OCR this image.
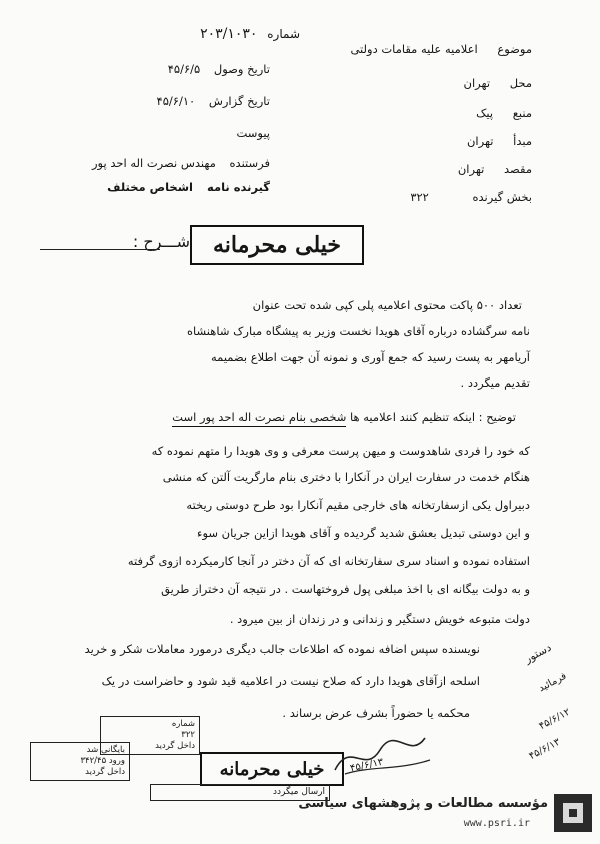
شماره ۲۰۳/۱۰۳۰
تاریخ وصول ۴۵/۶/۵
تاریخ گزارش ۴۵/۶/۱۰
پیوست
فرستنده مهندس نصرت اله احد پور
گیرنده نامه اشخاص مختلف
موضوع اعلامیه علیه مقامات دولتی
محل تهران
منبع پیک
مبدأ تهران
مقصد تهران
بخش گیرنده ۳۲۲
شـــرح :	خیلی محرمانه
تعداد ۵۰۰ پاکت محتوی اعلامیه پلی کپی شده تحت عنوان
نامه سرگشاده درباره آقای هویدا نخست وزیر به پیشگاه مبارک شاهنشاه
آریامهر به پست رسید که جمع آوری و نمونه آن جهت اطلاع بضمیمه
تقدیم میگردد .
توضیح : اینکه تنظیم کنند اعلامیه ها شخصی بنام نصرت اله احد پور است
که خود را فردی شاهدوست و میهن پرست معرفی و وی هویدا را متهم نموده که
هنگام خدمت در سفارت ایران در آنکارا با دختری بنام مارگریت آلتن که منشی
دبیراول یکی ازسفارتخانه های خارجی مقیم آنکارا بود طرح دوستی ریخته
و این دوستی تبدیل بعشق شدید گردیده و آقای هویدا ازاین جریان سوء
استفاده نموده و اسناد سری سفارتخانه ای که آن دختر در آنجا کارمیکرده ازوی گرفته
و به دولت بیگانه ای با اخذ مبلغی پول فروختهاست . در نتیجه آن دختراز طریق
دولت متبوعه خویش دستگیر و زندانی و در زندان از بین میرود .
نویسنده سپس اضافه نموده که اطلاعات جالب دیگری درمورد معاملات شکر و خرید
اسلحه ازآقای هویدا دارد که صلاح نیست در اعلامیه قید شود و حاضراست در یک
محکمه یا حضوراً بشرف عرض برساند .
دستور
فرمائید
۴۵/۶/۱۲
۴۵/۶/۱۳
شماره
۳۲۲
داخل گردید
بایگانی شد
ورود ۳۴۲/۴۵
داخل گردید	خیلی محرمانه
ارسال میگردد
۴۵/۶/۱۳
مؤسسه مطالعات و پژوهشهای سیاسی
www.psri.ir
